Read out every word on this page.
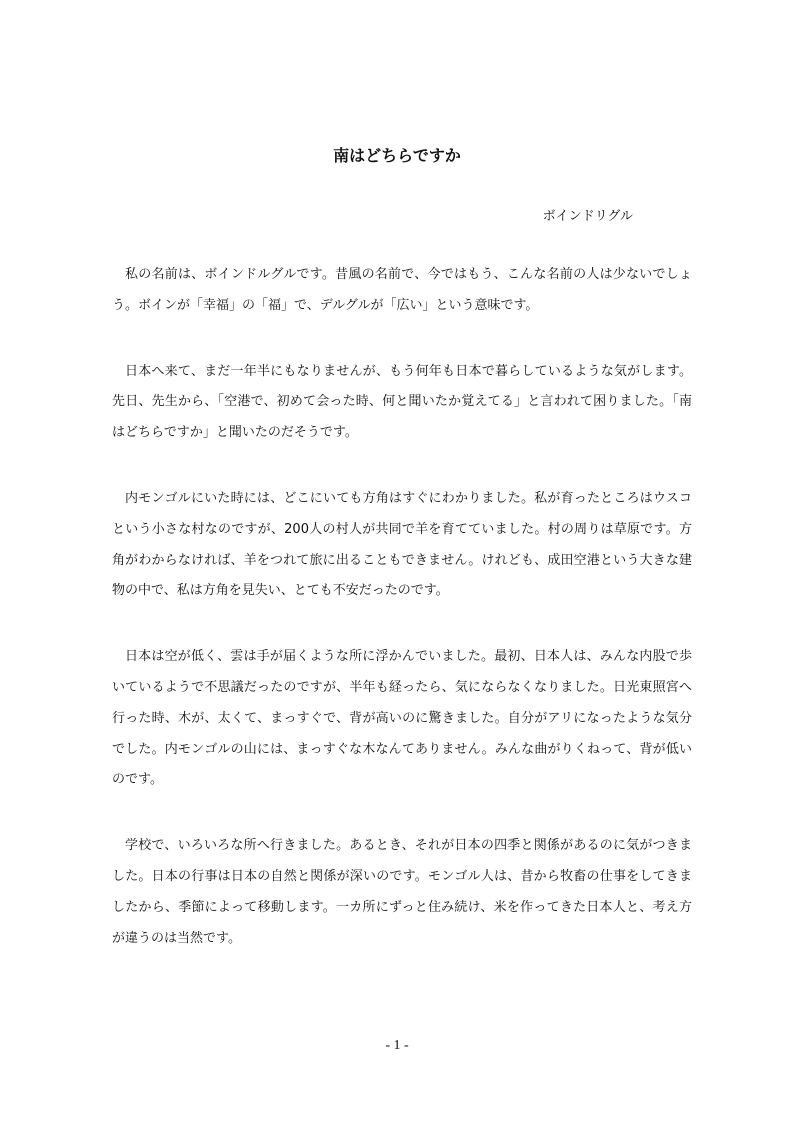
南はどちらですか

ボインドリグル

私の名前は、ボインドルグルです。昔風の名前で、今ではもう、こんな名前の人は少ないでしょう。ボインが「幸福」の「福」で、デルグルが「広い」という意味です。

日本へ来て、まだ一年半にもなりませんが、もう何年も日本で暮らしているような気がします。先日、先生から、「空港で、初めて会った時、何と聞いたか覚えてる」と言われて困りました。「南はどちらですか」と聞いたのだそうです。

内モンゴルにいた時には、どこにいても方角はすぐにわかりました。私が育ったところはウスコという小さな村なのですが、200人の村人が共同で羊を育てていました。村の周りは草原です。方角がわからなければ、羊をつれて旅に出ることもできません。けれども、成田空港という大きな建物の中で、私は方角を見失い、とても不安だったのです。

日本は空が低く、雲は手が届くような所に浮かんでいました。最初、日本人は、みんな内股で歩いているようで不思議だったのですが、半年も経ったら、気にならなくなりました。日光東照宮へ行った時、木が、太くて、まっすぐで、背が高いのに驚きました。自分がアリになったような気分でした。内モンゴルの山には、まっすぐな木なんてありません。みんな曲がりくねって、背が低いのです。

学校で、いろいろな所へ行きました。あるとき、それが日本の四季と関係があるのに気がつきました。日本の行事は日本の自然と関係が深いのです。モンゴル人は、昔から牧畜の仕事をしてきましたから、季節によって移動します。一カ所にずっと住み続け、米を作ってきた日本人と、考え方が違うのは当然です。

- 1 -
